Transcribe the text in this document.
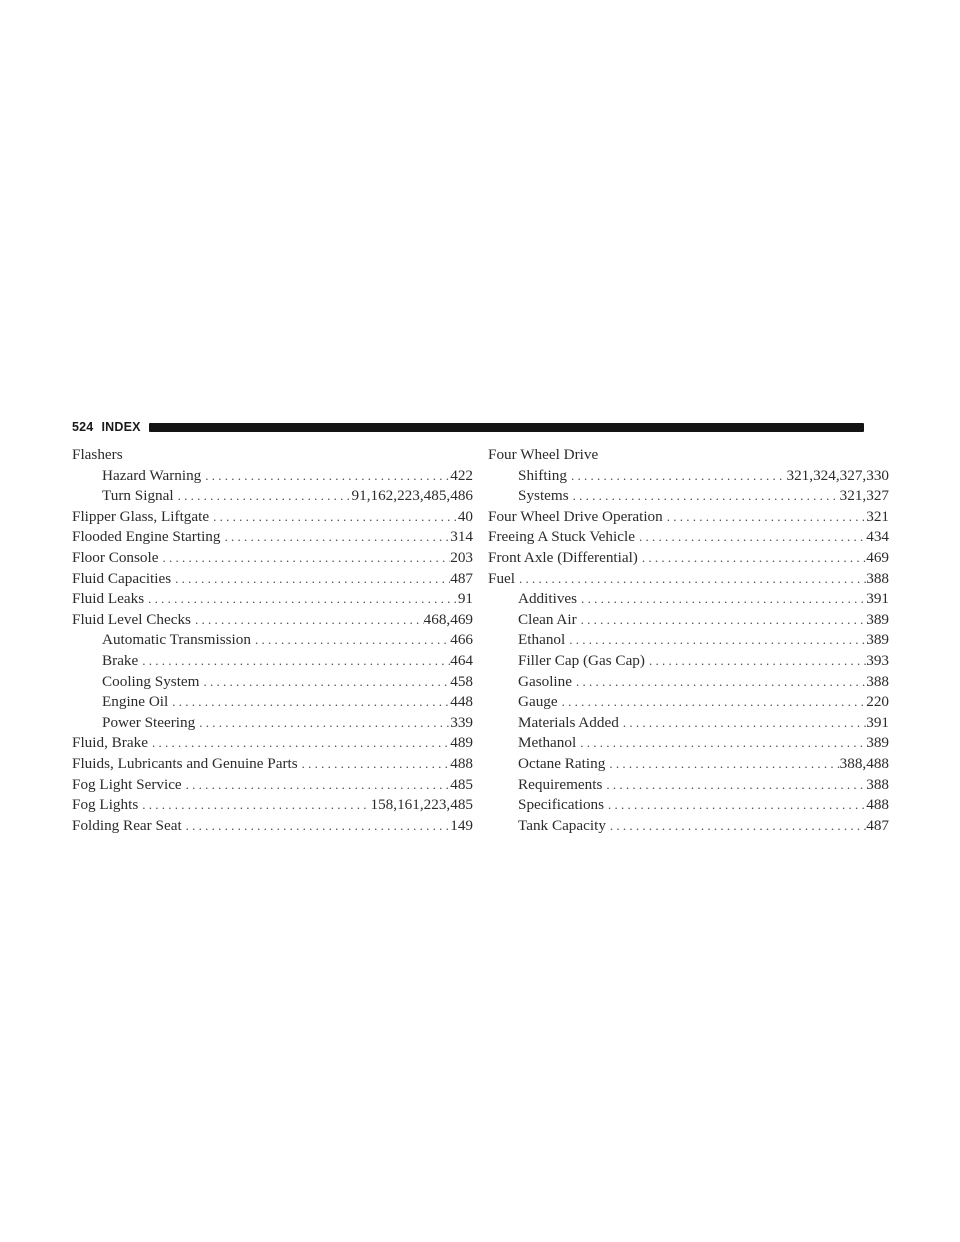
524 INDEX
Flashers
Hazard Warning . . .	422
Turn Signal . . .	91,162,223,485,486
Flipper Glass, Liftgate . . .	40
Flooded Engine Starting . . .	314
Floor Console . . .	203
Fluid Capacities . . .	487
Fluid Leaks . . .	91
Fluid Level Checks . . .	468,469
Automatic Transmission . . .	466
Brake . . .	464
Cooling System . . .	458
Engine Oil . . .	448
Power Steering . . .	339
Fluid, Brake . . .	489
Fluids, Lubricants and Genuine Parts . . .	488
Fog Light Service . . .	485
Fog Lights . . .	158,161,223,485
Folding Rear Seat . . .	149
Four Wheel Drive
Shifting . . .	321,324,327,330
Systems . . .	321,327
Four Wheel Drive Operation . . .	321
Freeing A Stuck Vehicle . . .	434
Front Axle (Differential) . . .	469
Fuel . . .	388
Additives . . .	391
Clean Air . . .	389
Ethanol . . .	389
Filler Cap (Gas Cap) . . .	393
Gasoline . . .	388
Gauge . . .	220
Materials Added . . .	391
Methanol . . .	389
Octane Rating . . .	388,488
Requirements . . .	388
Specifications . . .	488
Tank Capacity . . .	487
